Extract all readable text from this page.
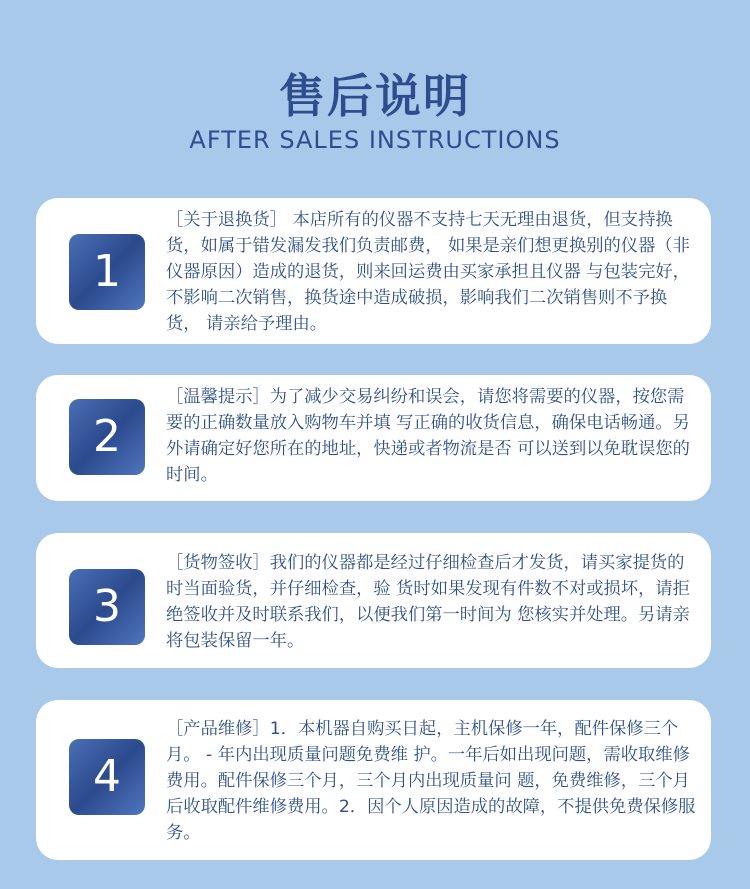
售后说明
AFTER SALES INSTRUCTIONS
1
［关于退换货］ 本店所有的仪器不支持七天无理由退货，但支持换货，如属于错发漏发我们负责邮费， 如果是亲们想更换别的仪器（非仪器原因）造成的退货，则来回运费由买家承担且仪器 与包装完好，不影响二次销售，换货途中造成破损，影响我们二次销售则不予换货， 请亲给予理由。
2
［温馨提示］为了减少交易纠纷和误会，请您将需要的仪器，按您需要的正确数量放入购物车并填 写正确的收货信息，确保电话畅通。另外请确定好您所在的地址，快递或者物流是否 可以送到以免耽误您的时间。
3
［货物签收］我们的仪器都是经过仔细检查后才发货，请买家提货的时当面验货，并仔细检查，验 货时如果发现有件数不对或损坏，请拒绝签收并及时联系我们，以便我们第一时间为 您核实并处理。另请亲将包装保留一年。
4
［产品维修］1．本机器自购买日起，主机保修一年，配件保修三个月。 - 年内出现质量问题免费维 护。一年后如出现问题，需收取维修费用。配件保修三个月，三个月内出现质量问 题，免费维修，三个月后收取配件维修费用。2．因个人原因造成的故障，不提供免费保修服务。
